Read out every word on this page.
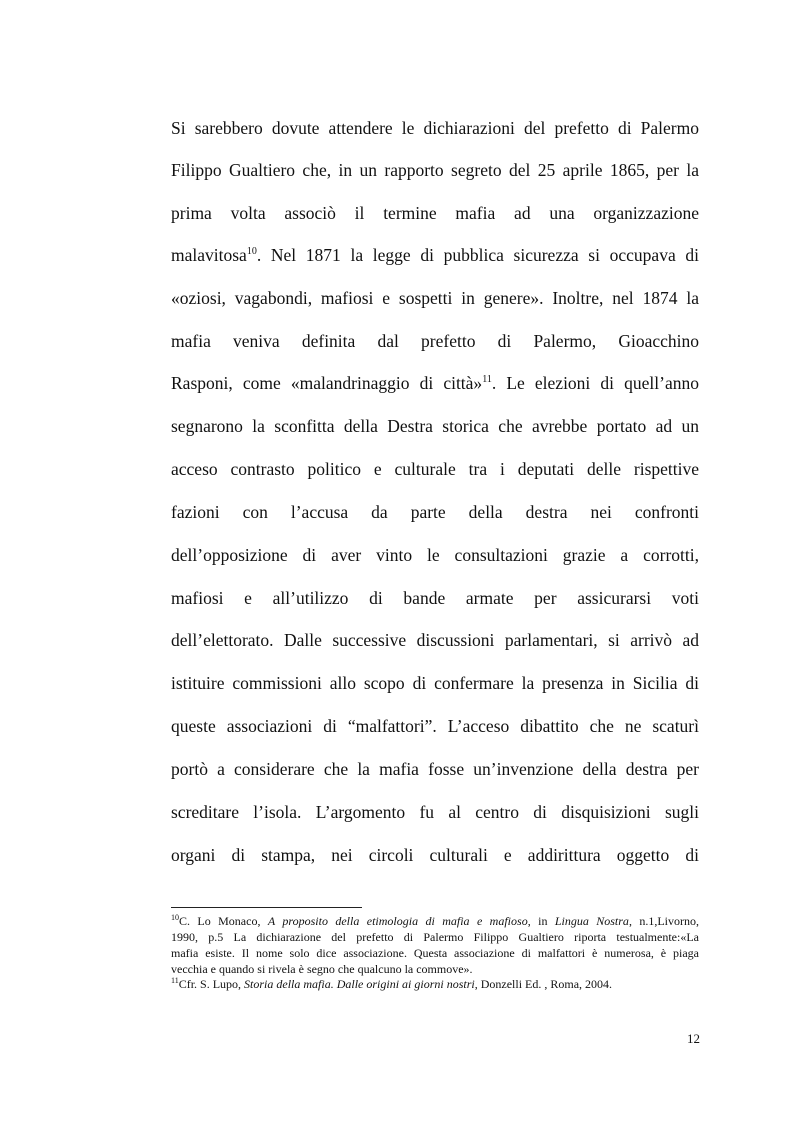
Si sarebbero dovute attendere le dichiarazioni del prefetto di Palermo
Filippo Gualtiero che, in un rapporto segreto del 25 aprile 1865, per la
prima volta associò il termine mafia ad una organizzazione
malavitosa$^{10}$. Nel 1871 la legge di pubblica sicurezza si occupava di
«oziosi, vagabondi, mafiosi e sospetti in genere». Inoltre, nel 1874 la
mafia veniva definita dal prefetto di Palermo, Gioacchino
Rasponi, come «malandrinaggio di città»$^{11}$. Le elezioni di quell’anno
segnarono la sconfitta della Destra storica che avrebbe portato ad un
acceso contrasto politico e culturale tra i deputati delle rispettive
fazioni con l’accusa da parte della destra nei confronti
dell’opposizione di aver vinto le consultazioni grazie a corrotti,
mafiosi e all’utilizzo di bande armate per assicurarsi voti
dell’elettorato. Dalle successive discussioni parlamentari, si arrivò ad
istituire commissioni allo scopo di confermare la presenza in Sicilia di
queste associazioni di “malfattori”. L’acceso dibattito che ne scaturì
portò a considerare che la mafia fosse un’invenzione della destra per
screditare l’isola. L’argomento fu al centro di disquisizioni sugli
organi di stampa, nei circoli culturali e addirittura oggetto di
$^{10}$C. Lo Monaco, A proposito della etimologia di mafia e mafioso, in Lingua Nostra, n.1,Livorno,
1990, p.5 La dichiarazione del prefetto di Palermo Filippo Gualtiero riporta testualmente:«La
mafia esiste. Il nome solo dice associazione. Questa associazione di malfattori è numerosa, è piaga
vecchia e quando si rivela è segno che qualcuno la commove».
$^{11}$Cfr. S. Lupo, Storia della mafia. Dalle origini ai giorni nostri, Donzelli Ed. , Roma, 2004.
12
